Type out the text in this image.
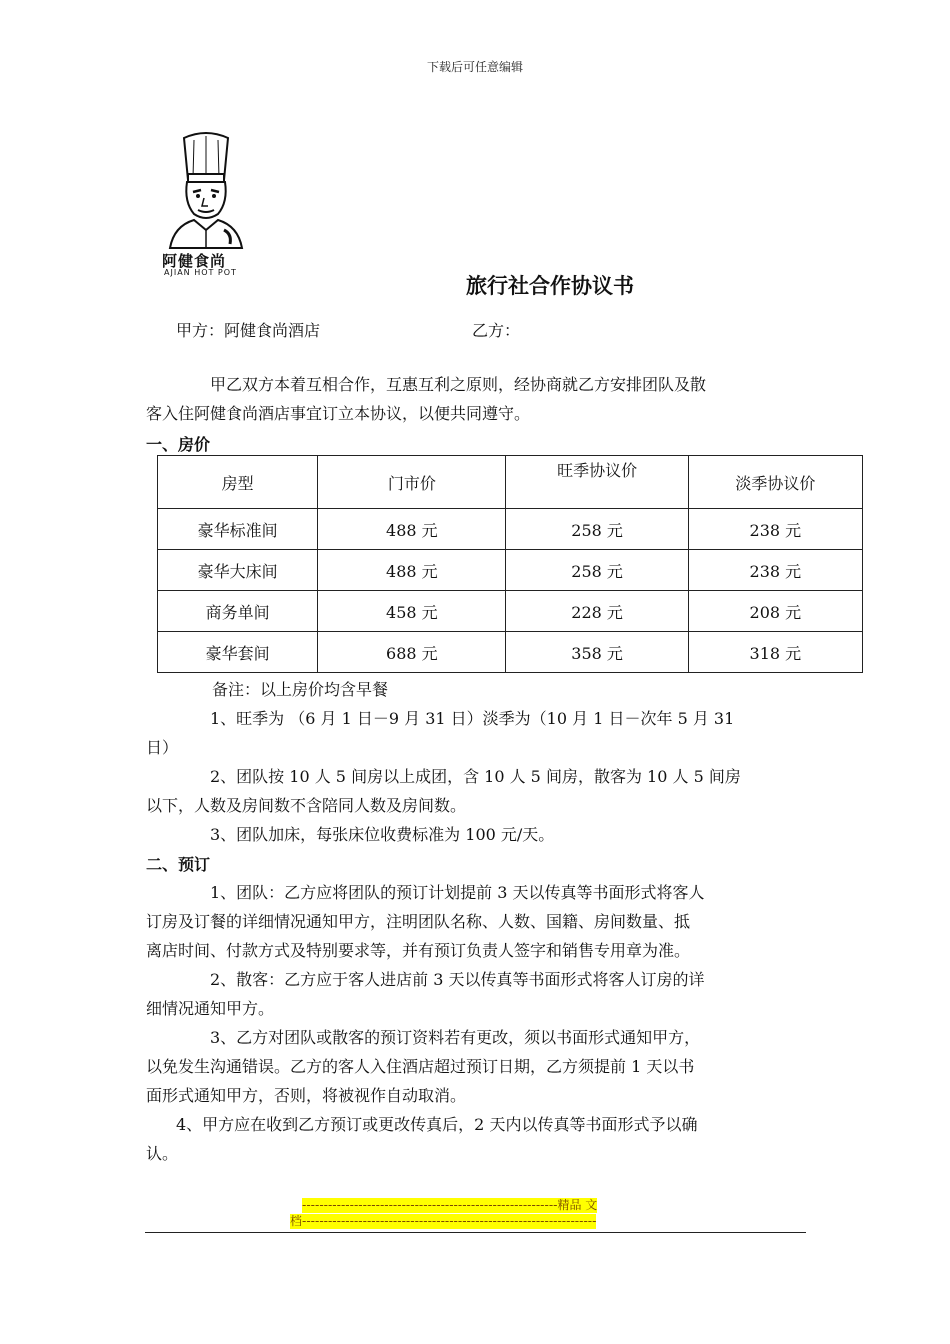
下载后可任意编辑
阿健食尚
AJIAN HOT POT
旅行社合作协议书
甲方：阿健食尚酒店	乙方：
甲乙双方本着互相合作，互惠互利之原则，经协商就乙方安排团队及散
客入住阿健食尚酒店事宜订立本协议，以便共同遵守。
一、房价
房型	门市价	旺季协议价	淡季协议价
豪华标准间	488 元	258 元	238 元
豪华大床间	488 元	258 元	238 元
商务单间	458 元	228 元	208 元
豪华套间	688 元	358 元	318 元
备注：以上房价均含早餐
1、旺季为 （6 月 1 日－9 月 31 日）淡季为（10 月 1 日－次年 5 月 31
日）
2、团队按 10 人 5 间房以上成团，含 10 人 5 间房，散客为 10 人 5 间房
以下，人数及房间数不含陪同人数及房间数。
3、团队加床，每张床位收费标准为 100 元/天。
二、预订
1、团队：乙方应将团队的预订计划提前 3 天以传真等书面形式将客人
订房及订餐的详细情况通知甲方，注明团队名称、人数、国籍、房间数量、抵
离店时间、付款方式及特别要求等，并有预订负责人签字和销售专用章为准。
2、散客：乙方应于客人进店前 3 天以传真等书面形式将客人订房的详
细情况通知甲方。
3、乙方对团队或散客的预订资料若有更改，须以书面形式通知甲方，
以免发生沟通错误。乙方的客人入住酒店超过预订日期，乙方须提前 1 天以书
面形式通知甲方，否则，将被视作自动取消。
4、甲方应在收到乙方预订或更改传真后，2 天内以传真等书面形式予以确
认。
-----------------------------------------------------------精品 文
档--------------------------------------------------------------------
